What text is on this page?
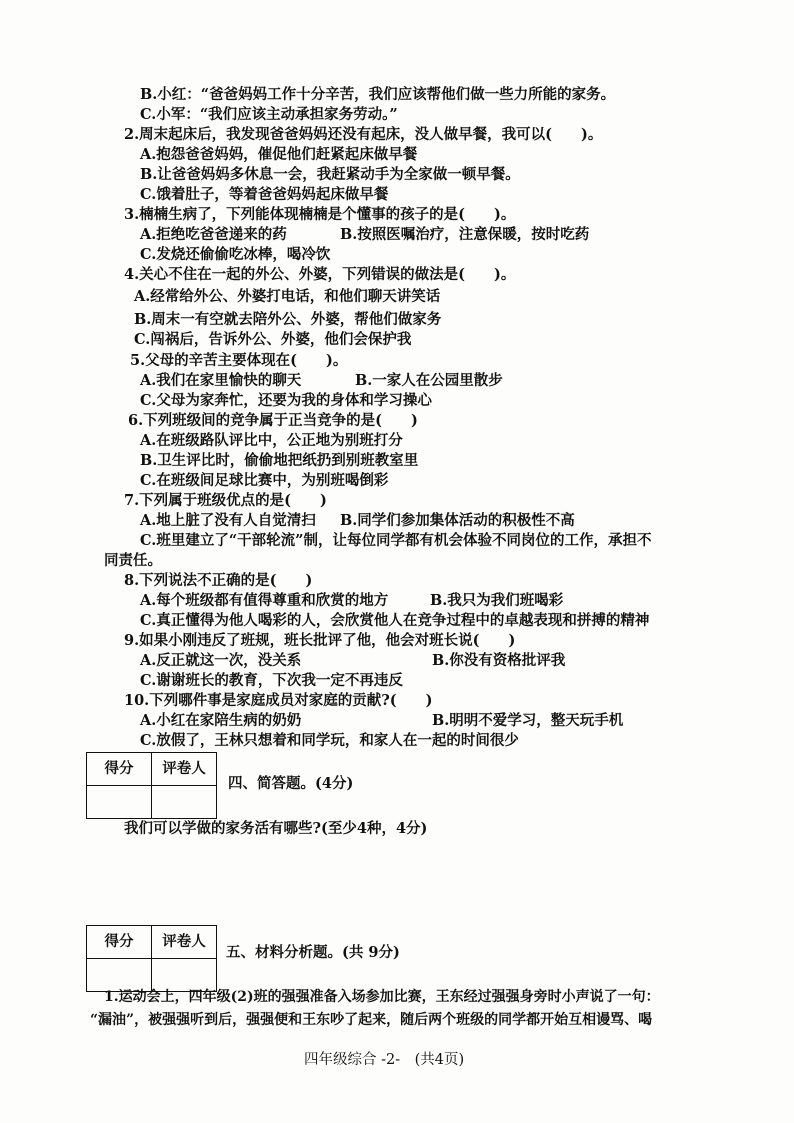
B.小红：“爸爸妈妈工作十分辛苦，我们应该帮他们做一些力所能的家务。
C.小军：“我们应该主动承担家务劳动。”
2.周末起床后，我发现爸爸妈妈还没有起床，没人做早餐，我可以(　　)。
A.抱怨爸爸妈妈，催促他们赶紧起床做早餐
B.让爸爸妈妈多休息一会，我赶紧动手为全家做一顿早餐。
C.饿着肚子，等着爸爸妈妈起床做早餐
3.楠楠生病了，下列能体现楠楠是个懂事的孩子的是(　　)。
A.拒绝吃爸爸递来的药	B.按照医嘱治疗，注意保暖，按时吃药
C.发烧还偷偷吃冰棒，喝冷饮
4.关心不住在一起的外公、外婆，下列错误的做法是(　　)。
A.经常给外公、外婆打电话，和他们聊天讲笑话
B.周末一有空就去陪外公、外婆，帮他们做家务
C.闯祸后，告诉外公、外婆，他们会保护我
5.父母的辛苦主要体现在(　　)。
A.我们在家里愉快的聊天	B.一家人在公园里散步
C.父母为家奔忙，还要为我的身体和学习操心
6.下列班级间的竞争属于正当竞争的是(　　)
A.在班级路队评比中，公正地为别班打分
B.卫生评比时，偷偷地把纸扔到别班教室里
C.在班级间足球比赛中，为别班喝倒彩
7.下列属于班级优点的是(　　)
A.地上脏了没有人自觉清扫 B.同学们参加集体活动的积极性不高
C.班里建立了“干部轮流”制，让每位同学都有机会体验不同岗位的工作，承担不
同责任。
8.下列说法不正确的是(　　)
A.每个班级都有值得尊重和欣赏的地方	B.我只为我们班喝彩
C.真正懂得为他人喝彩的人，会欣赏他人在竞争过程中的卓越表现和拼搏的精神
9.如果小刚违反了班规，班长批评了他，他会对班长说(　　)
A.反正就这一次，没关系	B.你没有资格批评我
C.谢谢班长的教育，下次我一定不再违反
10.下列哪件事是家庭成员对家庭的贡献?(　　)
A.小红在家陪生病的奶奶	B.明明不爱学习，整天玩手机
C.放假了，王林只想着和同学玩，和家人在一起的时间很少
得分	评卷人

四、简答题。(4分)
我们可以学做的家务活有哪些?(至少4种，4分)
得分	评卷人

五、材料分析题。(共 9分)
1.运动会上，四年级(2)班的强强准备入场参加比赛，王东经过强强身旁时小声说了一句：
“漏油”，被强强听到后，强强便和王东吵了起来，随后两个班级的同学都开始互相谩骂、喝
四年级综合 -2-　(共4页)
